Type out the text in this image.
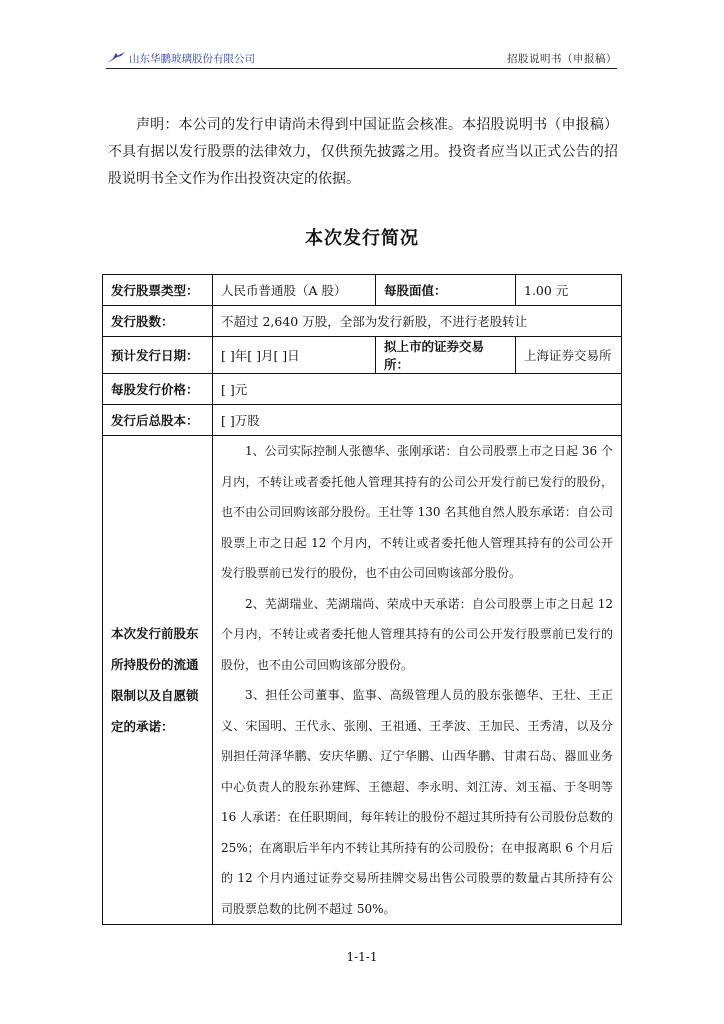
山东华鹏玻璃股份有限公司	招股说明书（申报稿）
声明：本公司的发行申请尚未得到中国证监会核准。本招股说明书（申报稿）不具有据以发行股票的法律效力，仅供预先披露之用。投资者应当以正式公告的招股说明书全文作为作出投资决定的依据。
本次发行简况
发行股票类型：	人民币普通股（A 股）	每股面值：	1.00 元
发行股数：	不超过 2,640 万股，全部为发行新股，不进行老股转让		
预计发行日期：	[ ]年[ ]月[ ]日	拟上市的证券交易所：	上海证券交易所
每股发行价格：	[ ]元		
发行后总股本：	[ ]万股		
本次发行前股东所持股份的流通限制以及自愿锁定的承诺：	1、公司实际控制人张德华、张刚承诺：自公司股票上市之日起 36 个月内，不转让或者委托他人管理其持有的公司公开发行前已发行的股份，也不由公司回购该部分股份。王壮等 130 名其他自然人股东承诺：自公司股票上市之日起 12 个月内，不转让或者委托他人管理其持有的公司公开发行股票前已发行的股份，也不由公司回购该部分股份。
2、芜湖瑞业、芜湖瑞尚、荣成中天承诺：自公司股票上市之日起 12 个月内，不转让或者委托他人管理其持有的公司公开发行股票前已发行的股份，也不由公司回购该部分股份。
3、担任公司董事、监事、高级管理人员的股东张德华、王壮、王正义、宋国明、王代永、张刚、王祖通、王孝波、王加民、王秀清，以及分别担任菏泽华鹏、安庆华鹏、辽宁华鹏、山西华鹏、甘肃石岛、器皿业务中心负责人的股东孙建辉、王德超、李永明、刘江涛、刘玉福、于冬明等 16 人承诺：在任职期间，每年转让的股份不超过其所持有公司股份总数的 25%；在离职后半年内不转让其所持有的公司股份；在申报离职 6 个月后的 12 个月内通过证券交易所挂牌交易出售公司股票的数量占其所持有公司股票总数的比例不超过 50%。		
1-1-1
